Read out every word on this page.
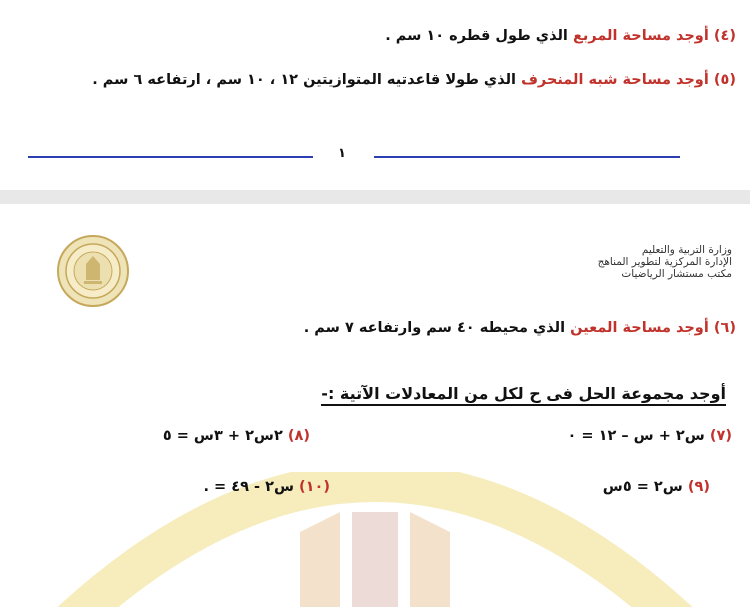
(٤) أوجد مساحة المربع الذي طول قطره ١٠ سم .
(٥) أوجد مساحة شبه المنحرف الذي طولا قاعدتيه المتوازيتين ١٢ ، ١٠ سم ، ارتفاعه ٦ سم .
١
وزارة التربية والتعليم
الإدارة المركزية لتطوير المناهج
مكتب مستشار الرياضيات
(٦) أوجد مساحة المعين الذي محيطه ٤٠ سم وارتفاعه ٧ سم .
أوجد مجموعة الحل فى ح لكل من المعادلات الآتية :-
(٧) س٢ + س – ١٢ = ٠
(٨) ٢س٢ + ٣س = ٥
(٩) س٢ = ٥س
(١٠) س٢ - ٤٩ = .
